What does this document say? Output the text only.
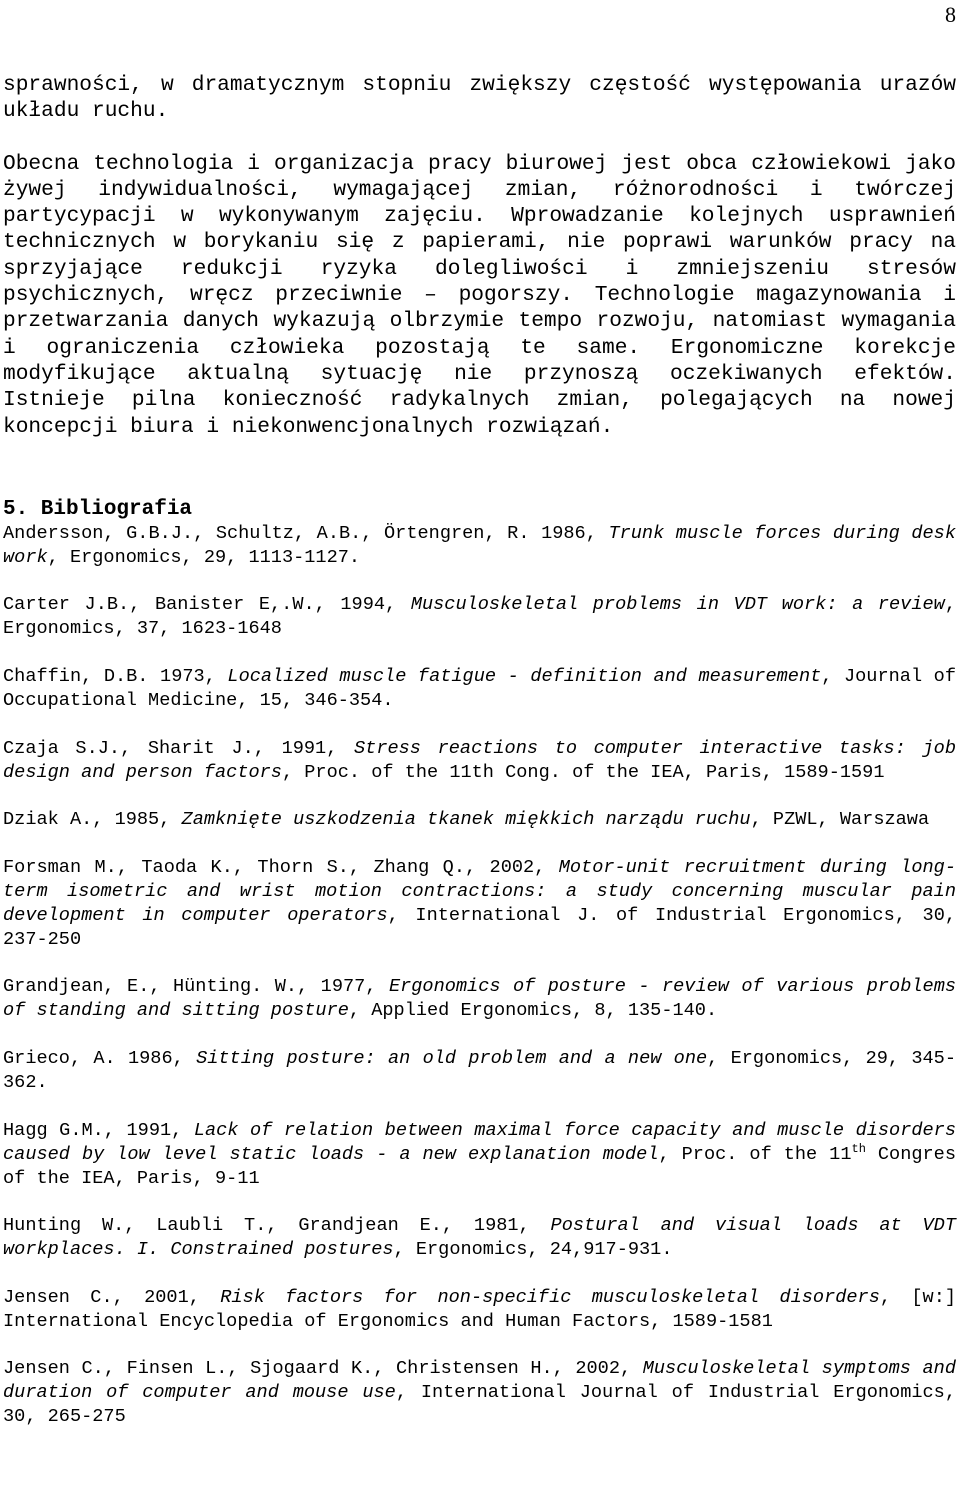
8

sprawności, w dramatycznym stopniu zwiększy częstość występowania urazów układu ruchu.

Obecna technologia i organizacja pracy biurowej jest obca człowiekowi jako żywej indywidualności, wymagającej zmian, różnorodności i twórczej partycypacji w wykonywanym zajęciu. Wprowadzanie kolejnych usprawnień technicznych w borykaniu się z papierami, nie poprawi warunków pracy na sprzyjające redukcji ryzyka dolegliwości i zmniejszeniu stresów psychicznych, wręcz przeciwnie – pogorszy. Technologie magazynowania i przetwarzania danych wykazują olbrzymie tempo rozwoju, natomiast wymagania i ograniczenia człowieka pozostają te same. Ergonomiczne korekcje modyfikujące aktualną sytuację nie przynoszą oczekiwanych efektów. Istnieje pilna konieczność radykalnych zmian, polegających na nowej koncepcji biura i niekonwencjonalnych rozwiązań.

5. Bibliografia
Andersson, G.B.J., Schultz, A.B., Örtengren, R. 1986, Trunk muscle forces during desk work, Ergonomics, 29, 1113-1127.
Carter J.B., Banister E,.W., 1994, Musculoskeletal problems in VDT work: a review, Ergonomics, 37, 1623-1648
Chaffin, D.B. 1973, Localized muscle fatigue - definition and measurement, Journal of Occupational Medicine, 15, 346-354.
Czaja S.J., Sharit J., 1991, Stress reactions to computer interactive tasks: job design and person factors, Proc. of the 11th Cong. of the IEA, Paris, 1589-1591
Dziak A., 1985, Zamknięte uszkodzenia tkanek miękkich narządu ruchu, PZWL, Warszawa
Forsman M., Taoda K., Thorn S., Zhang Q., 2002, Motor-unit recruitment during long-term isometric and wrist motion contractions: a study concerning muscular pain development in computer operators, International J. of Industrial Ergonomics, 30, 237-250
Grandjean, E., Hünting. W., 1977, Ergonomics of posture - review of various problems of standing and sitting posture, Applied Ergonomics, 8, 135-140.
Grieco, A. 1986, Sitting posture: an old problem and a new one, Ergonomics, 29, 345-362.
Hagg G.M., 1991, Lack of relation between maximal force capacity and muscle disorders caused by low level static loads - a new explanation model, Proc. of the 11th Congres of the IEA, Paris, 9-11
Hunting W., Laubli T., Grandjean E., 1981, Postural and visual loads at VDT workplaces. I. Constrained postures, Ergonomics, 24,917-931.
Jensen C., 2001, Risk factors for non-specific musculoskeletal disorders, [w:] International Encyclopedia of Ergonomics and Human Factors, 1589-1581
Jensen C., Finsen L., Sjogaard K., Christensen H., 2002, Musculoskeletal symptoms and duration of computer and mouse use, International Journal of Industrial Ergonomics, 30, 265-275
